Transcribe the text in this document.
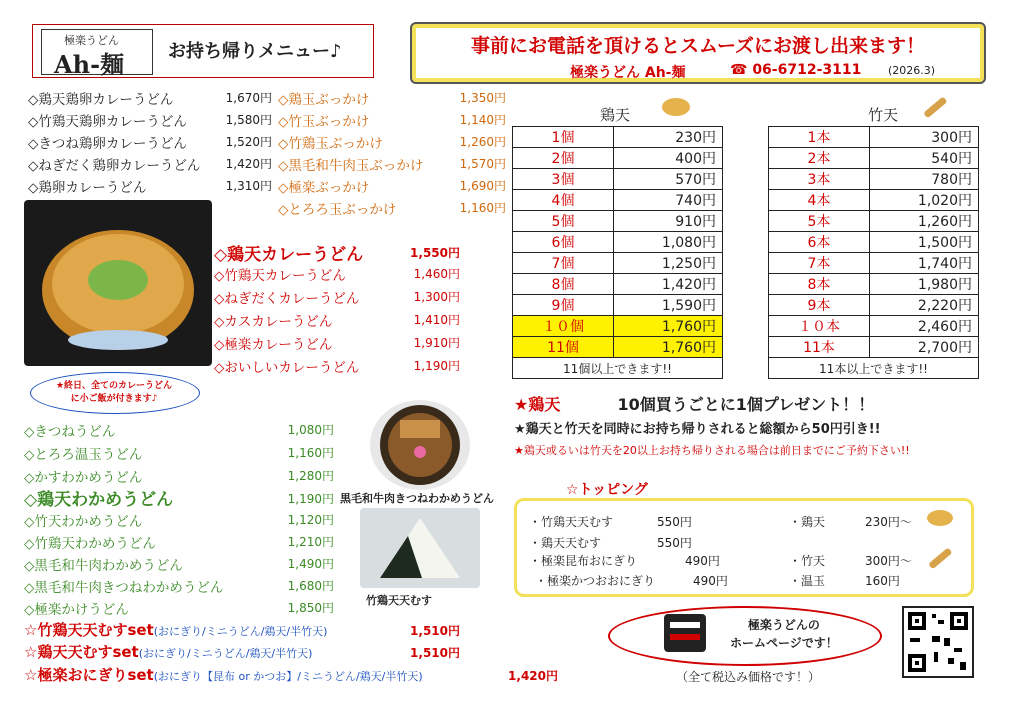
極楽うどん
Ah-麺 お持ち帰りメニュー♪
◇鶏天鶏卵カレーうどん	1,670円
◇竹鶏天鶏卵カレーうどん	1,580円
◇きつね鶏卵カレーうどん	1,520円
◇ねぎだく鶏卵カレーうどん	1,420円
◇鶏卵カレーうどん	1,310円
◇鶏玉ぶっかけ	1,350円
◇竹玉ぶっかけ	1,140円
◇竹鶏玉ぶっかけ	1,260円
◇黒毛和牛肉玉ぶっかけ	1,570円
◇極楽ぶっかけ	1,690円
◇とろろ玉ぶっかけ	1,160円
★終日、全てのカレーうどん
に小ご飯が付きます♪
◇鶏天カレーうどん	1,550円
◇竹鶏天カレーうどん	1,460円
◇ねぎだくカレーうどん	1,300円
◇カスカレーうどん	1,410円
◇極楽カレーうどん	1,910円
◇おいしいカレーうどん	1,190円
◇きつねうどん	1,080円
◇とろろ温玉うどん	1,160円
◇かすわかめうどん	1,280円
◇鶏天わかめうどん	1,190円
◇竹天わかめうどん	1,120円
◇竹鶏天わかめうどん	1,210円
◇黒毛和牛肉わかめうどん	1,490円
◇黒毛和牛肉きつねわかめうどん	1,680円
◇極楽かけうどん	1,850円
黒毛和牛肉きつねわかめうどん
竹鶏天天むす
☆竹鶏天天むすset(おにぎり/ミニうどん/鶏天/半竹天)	1,510円
☆鶏天天むすset(おにぎり/ミニうどん/鶏天/半竹天)	1,510円
☆極楽おにぎりset(おにぎり【昆布 or かつお】/ミニうどん/鶏天/半竹天)	1,420円
事前にお電話を頂けるとスムーズにお渡し出来ます！
極楽うどん Ah-麺	☎ 06-6712-3111 (2026.3)
鶏天
1個	230円
2個	400円
3個	570円
4個	740円
5個	910円
6個	1,080円
7個	1,250円
8個	1,420円
9個	1,590円
１０個	1,760円
11個	1,760円
11個以上できます!!	
竹天
1本	300円
2本	540円
3本	780円
4本	1,020円
5本	1,260円
6本	1,500円
7本	1,740円
8本	1,980円
9本	2,220円
１０本	2,460円
11本	2,700円
11本以上できます!!	
★鶏天	10個買うごとに1個プレゼント！！
★鶏天と竹天を同時にお持ち帰りされると総額から50円引き!!
★鶏天或るいは竹天を20以上お持ち帰りされる場合は前日までにご予約下さい!!
☆トッピング
・竹鶏天天むす	550円
・鶏天天むす	550円
・極楽昆布おにぎり	490円
・極楽かつおおにぎり	490円
・鶏天	230円〜
・竹天	300円〜
・温玉	160円
極楽うどんの
ホームページです！
（全て税込み価格です！）
